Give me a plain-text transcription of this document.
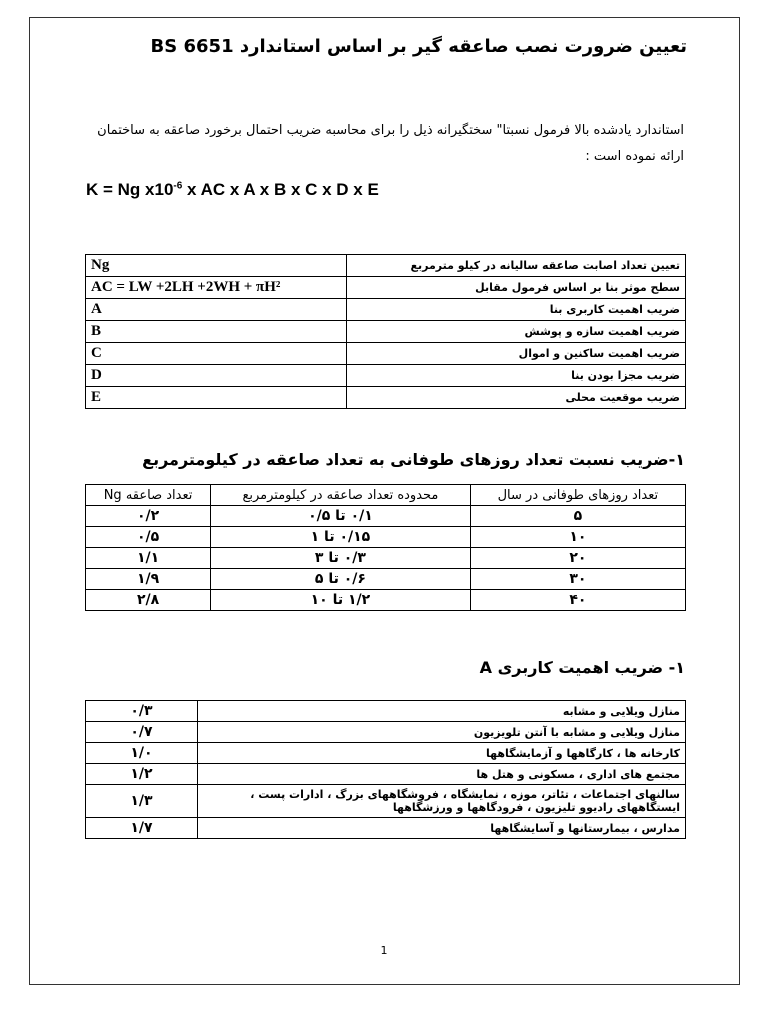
تعیین ضرورت نصب صاعقه گیر بر اساس استاندارد BS 6651
استاندارد یادشده بالا فرمول نسبتا" سختگیرانه ذیل را برای محاسبه ضریب احتمال برخورد صاعقه به ساختمان ارائه نموده است :
K = Ng $x10^{-6}$ x AC x A x B x C x D x E
Ng	تعیین تعداد اصابت صاعقه سالیانه در کیلو مترمربع
AC = LW +2LH +2WH + πH²	سطح موثر بنا بر اساس فرمول مقابل
A	ضریب اهمیت کاربری بنا
B	ضریب اهمیت سازه و پوشش
C	ضریب اهمیت ساکنین و اموال
D	ضریب مجزا بودن بنا
E	ضریب موقعیت محلی
۱-ضریب نسبت تعداد روزهای طوفانی به تعداد صاعقه در کیلومترمربع
تعداد روزهای طوفانی در سال	محدوده تعداد صاعقه در کیلومترمربع	تعداد صاعقه Ng
۵	۰/۱ تا ۰/۵	۰/۲
۱۰	۰/۱۵ تا ۱	۰/۵
۲۰	۰/۳ تا ۳	۱/۱
۳۰	۰/۶ تا ۵	۱/۹
۴۰	۱/۲ تا ۱۰	۲/۸
۱- ضریب اهمیت کاربری A
منازل ویلایی و مشابه	۰/۳
منازل ویلایی و مشابه با آنتن تلویزیون	۰/۷
کارخانه ها ، کارگاهها و آزمایشگاهها	۱/۰
مجتمع های اداری ، مسکونی و هتل ها	۱/۲
سالنهای اجتماعات ، تئاتر، موزه ، نمایشگاه ، فروشگاههای بزرگ ، ادارات پست ، ایستگاههای رادیوو تلیزیون ، فرودگاهها و ورزشگاهها	۱/۳
مدارس ، بیمارستانها و آسایشگاهها	۱/۷
1
